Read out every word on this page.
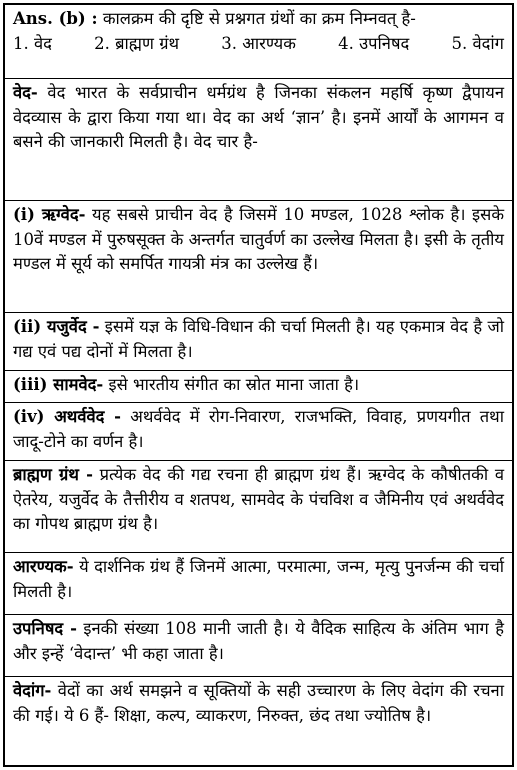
Ans. (b) : कालक्रम की दृष्टि से प्रश्नगत ग्रंथों का क्रम निम्नवत् है-
1. वेद	2. ब्राह्मण ग्रंथ	3. आरण्यक	4. उपनिषद	5. वेदांग
वेद- वेद भारत के सर्वप्राचीन धर्मग्रंथ है जिनका संकलन महर्षि कृष्ण द्वैपायन वेदव्यास के द्वारा किया गया था। वेद का अर्थ ‘ज्ञान’ है। इनमें आर्यों के आगमन व बसने की जानकारी मिलती है। वेद चार है-
(i) ऋग्वेद- यह सबसे प्राचीन वेद है जिसमें 10 मण्डल, 1028 श्लोक है। इसके 10वें मण्डल में पुरुषसूक्त के अन्तर्गत चातुर्वर्ण का उल्लेख मिलता है। इसी के तृतीय मण्डल में सूर्य को समर्पित गायत्री मंत्र का उल्लेख हैं।
(ii) यजुर्वेद - इसमें यज्ञ के विधि-विधान की चर्चा मिलती है। यह एकमात्र वेद है जो गद्य एवं पद्य दोनों में मिलता है।
(iii) सामवेद- इसे भारतीय संगीत का स्रोत माना जाता है।
(iv) अथर्ववेद - अथर्ववेद में रोग-निवारण, राजभक्ति, विवाह, प्रणयगीत तथा जादू-टोने का वर्णन है।
ब्राह्मण ग्रंथ - प्रत्येक वेद की गद्य रचना ही ब्राह्मण ग्रंथ हैं। ऋग्वेद के कौषीतकी व ऐतरेय, यजुर्वेद के तैत्तीरीय व शतपथ, सामवेद के पंचविश व जैमिनीय एवं अथर्ववेद का गोपथ ब्राह्मण ग्रंथ है।
आरण्यक- ये दार्शनिक ग्रंथ हैं जिनमें आत्मा, परमात्मा, जन्म, मृत्यु पुनर्जन्म की चर्चा मिलती है।
उपनिषद - इनकी संख्या 108 मानी जाती है। ये वैदिक साहित्य के अंतिम भाग है और इन्हें ‘वेदान्त’ भी कहा जाता है।
वेदांग- वेदों का अर्थ समझने व सूक्तियों के सही उच्चारण के लिए वेदांग की रचना की गई। ये 6 हैं- शिक्षा, कल्प, व्याकरण, निरुक्त, छंद तथा ज्योतिष है।
